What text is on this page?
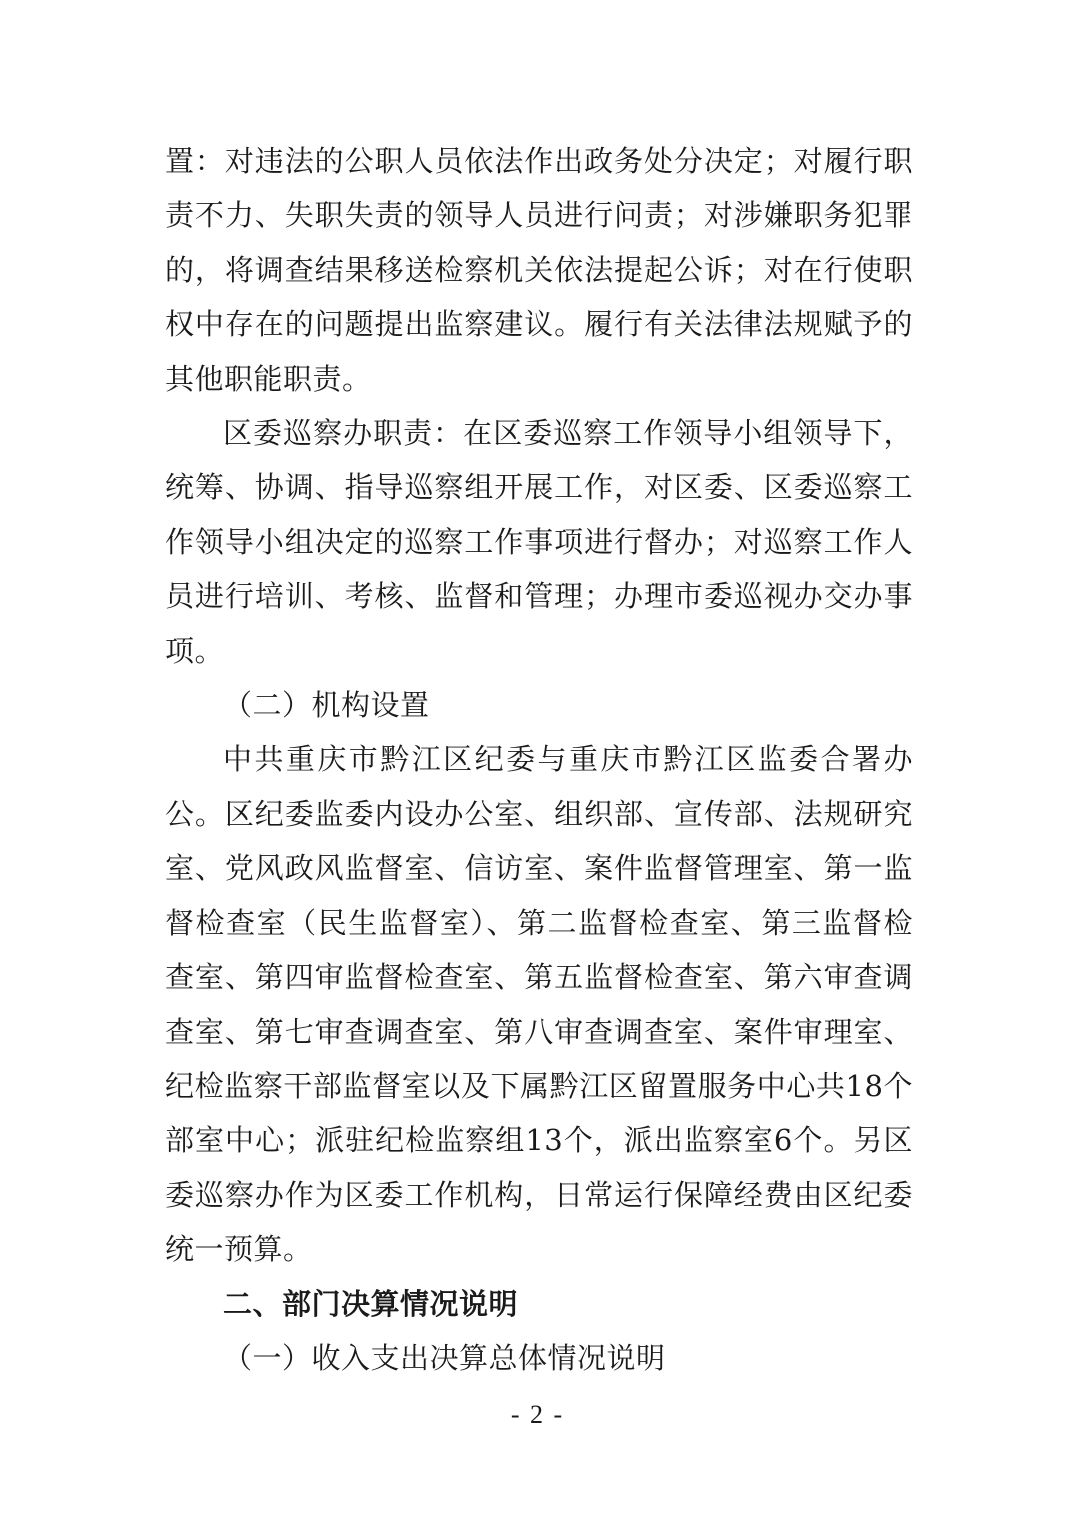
置：对违法的公职人员依法作出政务处分决定；对履行职责不力、失职失责的领导人员进行问责；对涉嫌职务犯罪的，将调查结果移送检察机关依法提起公诉；对在行使职权中存在的问题提出监察建议。履行有关法律法规赋予的其他职能职责。

区委巡察办职责：在区委巡察工作领导小组领导下，统筹、协调、指导巡察组开展工作，对区委、区委巡察工作领导小组决定的巡察工作事项进行督办；对巡察工作人员进行培训、考核、监督和管理；办理市委巡视办交办事项。

（二）机构设置

中共重庆市黔江区纪委与重庆市黔江区监委合署办公。区纪委监委内设办公室、组织部、宣传部、法规研究室、党风政风监督室、信访室、案件监督管理室、第一监督检查室（民生监督室）、第二监督检查室、第三监督检查室、第四审监督检查室、第五监督检查室、第六审查调查室、第七审查调查室、第八审查调查室、案件审理室、纪检监察干部监督室以及下属黔江区留置服务中心共18个部室中心；派驻纪检监察组13个，派出监察室6个。另区委巡察办作为区委工作机构，日常运行保障经费由区纪委统一预算。

二、部门决算情况说明

（一）收入支出决算总体情况说明

- 2 -
